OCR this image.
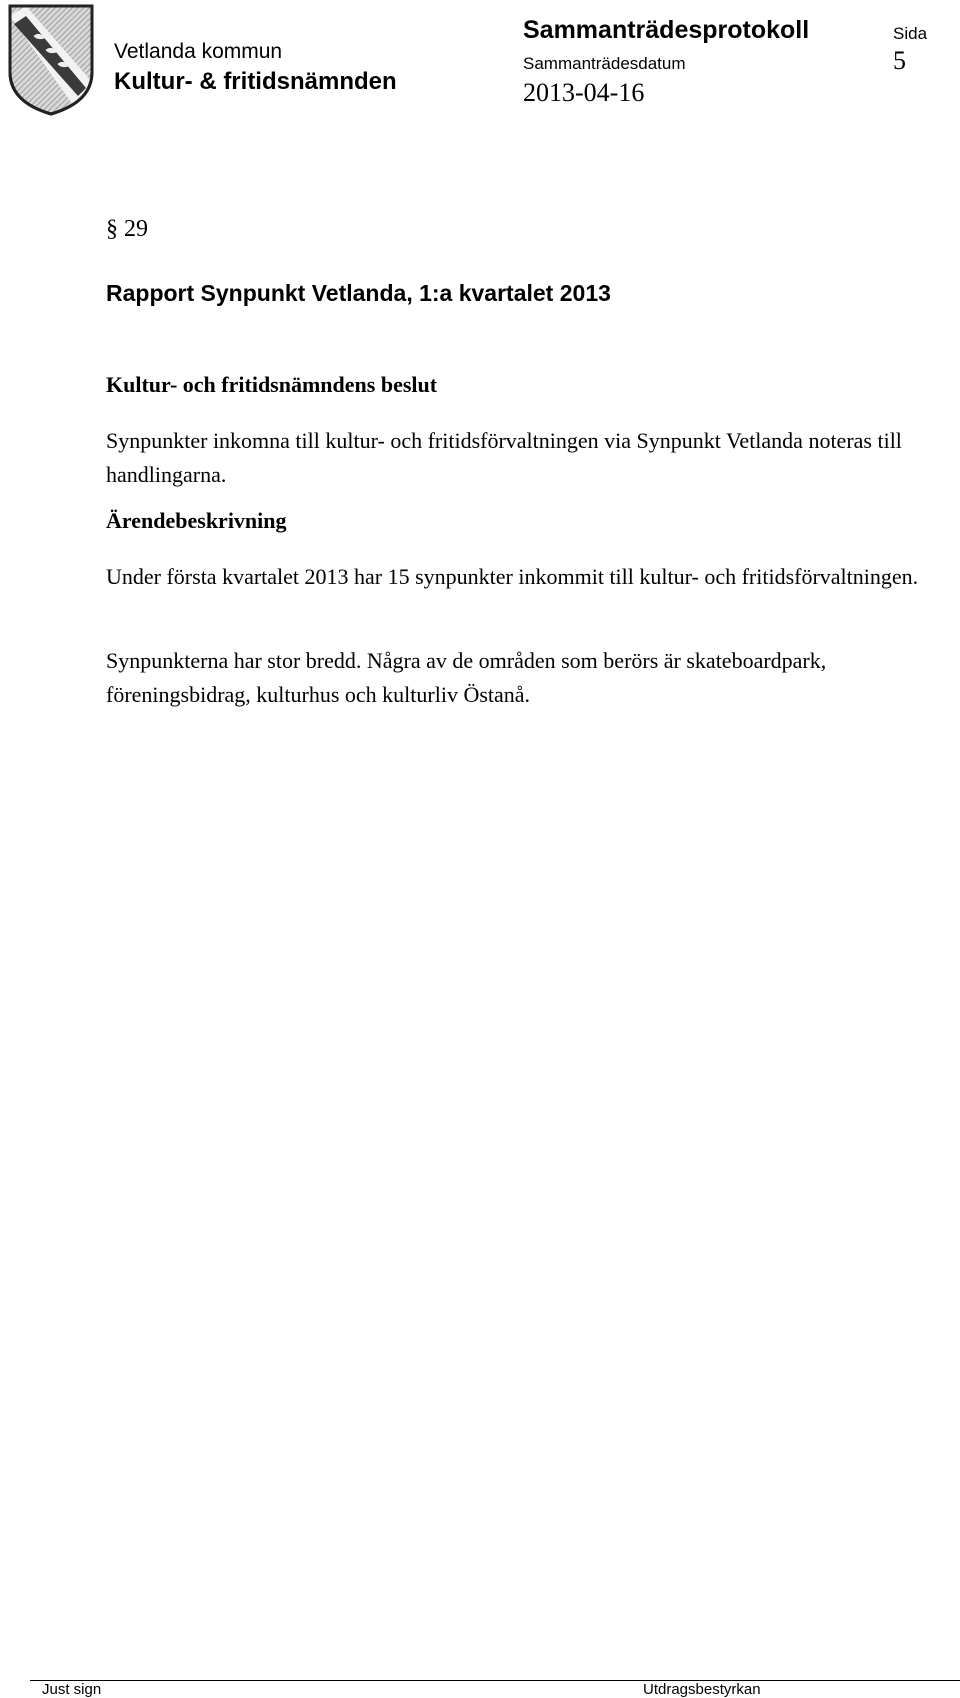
Vetlanda kommun
Kultur- & fritidsnämnden
Sammanträdesprotokoll
Sammanträdesdatum
2013-04-16
Sida
5
§ 29
Rapport Synpunkt Vetlanda, 1:a kvartalet 2013
Kultur- och fritidsnämndens beslut

Synpunkter inkomna till kultur- och fritidsförvaltningen via Synpunkt Vetlanda noteras till handlingarna.

Ärendebeskrivning

Under första kvartalet 2013 har 15 synpunkter inkommit till kultur- och fritidsförvaltningen.

Synpunkterna har stor bredd. Några av de områden som berörs är skateboardpark, föreningsbidrag, kulturhus och kulturliv Östanå.

Just sign	Utdragsbestyrkan
